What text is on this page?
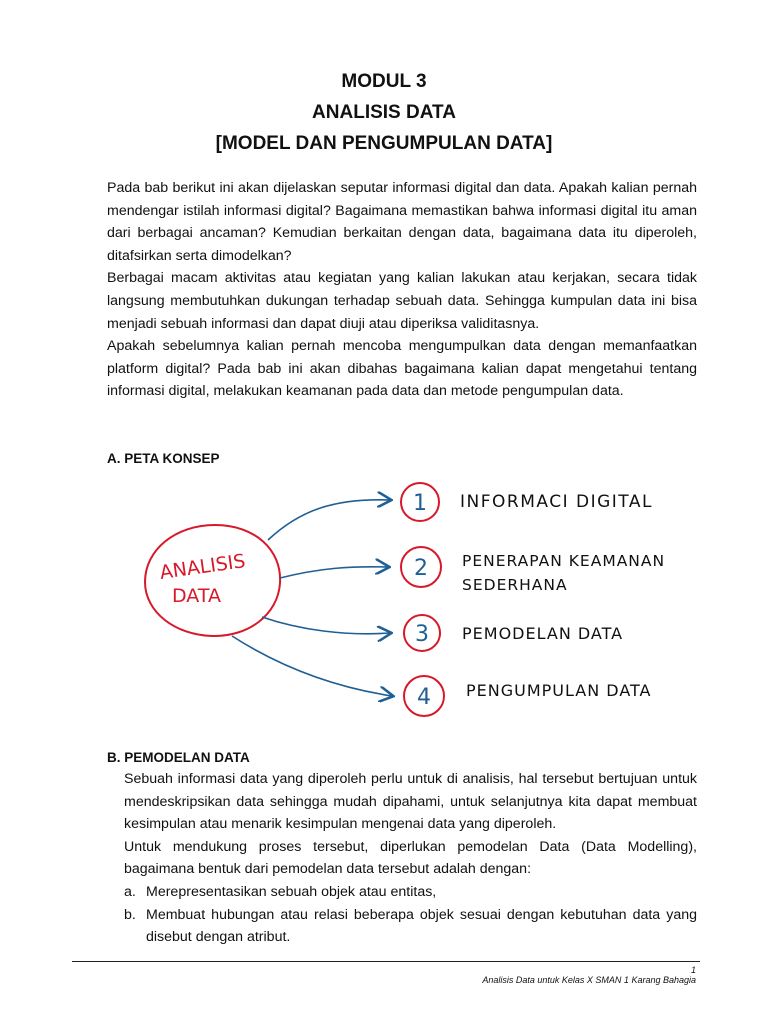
MODUL 3
ANALISIS DATA
[MODEL DAN PENGUMPULAN DATA]

Pada bab berikut ini akan dijelaskan seputar informasi digital dan data. Apakah kalian pernah mendengar istilah informasi digital? Bagaimana memastikan bahwa informasi digital itu aman dari berbagai ancaman? Kemudian berkaitan dengan data, bagaimana data itu diperoleh, ditafsirkan serta dimodelkan?

Berbagai macam aktivitas atau kegiatan yang kalian lakukan atau kerjakan, secara tidak langsung membutuhkan dukungan terhadap sebuah data. Sehingga kumpulan data ini bisa menjadi sebuah informasi dan dapat diuji atau diperiksa validitasnya.

Apakah sebelumnya kalian pernah mencoba mengumpulkan data dengan memanfaatkan platform digital? Pada bab ini akan dibahas bagaimana kalian dapat mengetahui tentang informasi digital, melakukan keamanan pada data dan metode pengumpulan data.

A. PETA KONSEP
ANALISIS
DATA
1
2
3
4
INFORMACI DIGITAL
PENERAPAN KEAMANAN
SEDERHANA
PEMODELAN DATA
PENGUMPULAN DATA
B. PEMODELAN DATA

Sebuah informasi data yang diperoleh perlu untuk di analisis, hal tersebut bertujuan untuk mendeskripsikan data sehingga mudah dipahami, untuk selanjutnya kita dapat membuat kesimpulan atau menarik kesimpulan mengenai data yang diperoleh.

Untuk mendukung proses tersebut, diperlukan pemodelan Data (Data Modelling), bagaimana bentuk dari pemodelan data tersebut adalah dengan:

a. Merepresentasikan sebuah objek atau entitas,
b. Membuat hubungan atau relasi beberapa objek sesuai dengan kebutuhan data yang disebut dengan atribut.
1
Analisis Data untuk Kelas X SMAN 1 Karang Bahagia
